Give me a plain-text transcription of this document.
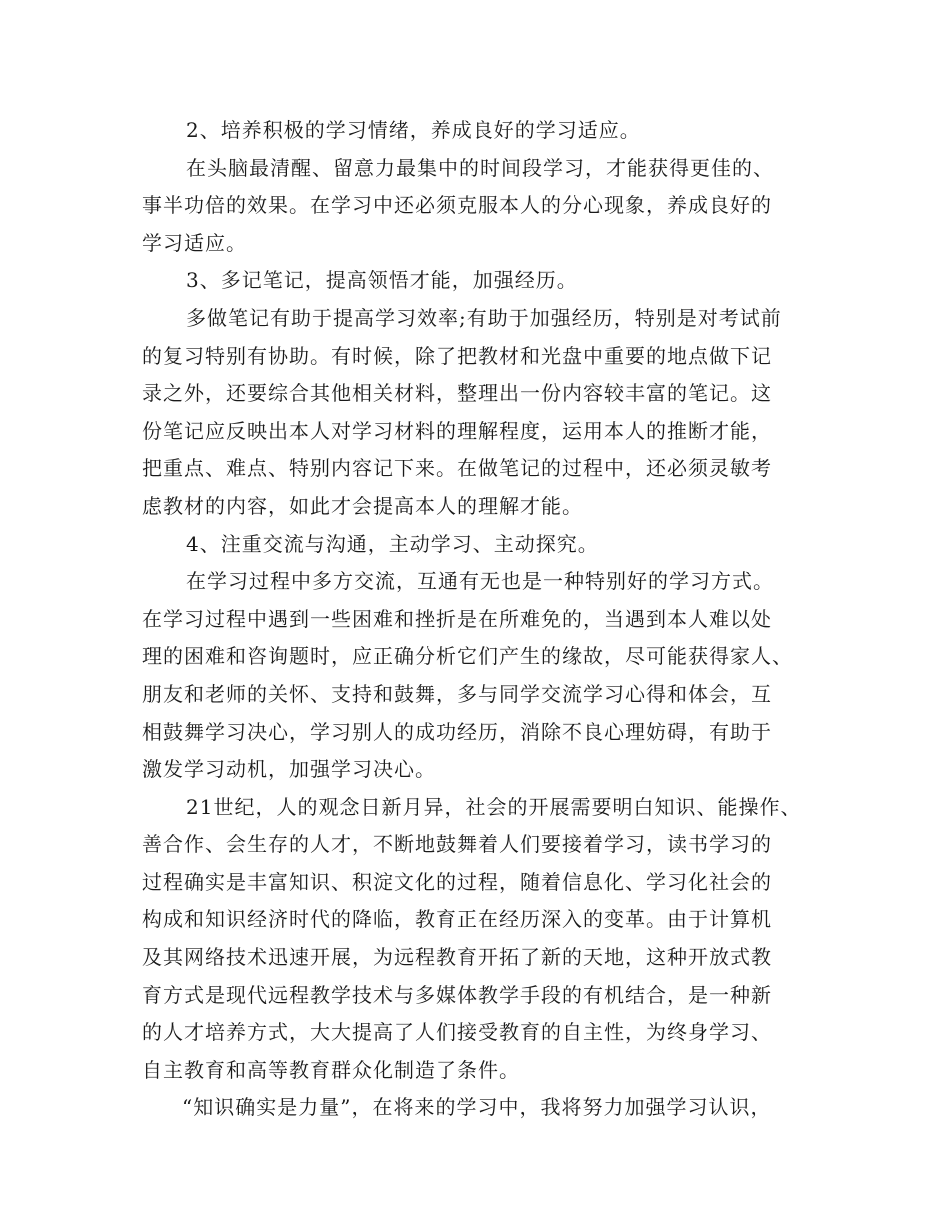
2、培养积极的学习情绪，养成良好的学习适应。
在头脑最清醒、留意力最集中的时间段学习，才能获得更佳的、
事半功倍的效果。在学习中还必须克服本人的分心现象，养成良好的
学习适应。
3、多记笔记，提高领悟才能，加强经历。
多做笔记有助于提高学习效率;有助于加强经历，特别是对考试前
的复习特别有协助。有时候，除了把教材和光盘中重要的地点做下记
录之外，还要综合其他相关材料，整理出一份内容较丰富的笔记。这
份笔记应反映出本人对学习材料的理解程度，运用本人的推断才能，
把重点、难点、特别内容记下来。在做笔记的过程中，还必须灵敏考
虑教材的内容，如此才会提高本人的理解才能。
4、注重交流与沟通，主动学习、主动探究。
在学习过程中多方交流，互通有无也是一种特别好的学习方式。
在学习过程中遇到一些困难和挫折是在所难免的，当遇到本人难以处
理的困难和咨询题时，应正确分析它们产生的缘故，尽可能获得家人、
朋友和老师的关怀、支持和鼓舞，多与同学交流学习心得和体会，互
相鼓舞学习决心，学习别人的成功经历，消除不良心理妨碍，有助于
激发学习动机，加强学习决心。
21世纪，人的观念日新月异，社会的开展需要明白知识、能操作、
善合作、会生存的人才，不断地鼓舞着人们要接着学习，读书学习的
过程确实是丰富知识、积淀文化的过程，随着信息化、学习化社会的
构成和知识经济时代的降临，教育正在经历深入的变革。由于计算机
及其网络技术迅速开展，为远程教育开拓了新的天地，这种开放式教
育方式是现代远程教学技术与多媒体教学手段的有机结合，是一种新
的人才培养方式，大大提高了人们接受教育的自主性，为终身学习、
自主教育和高等教育群众化制造了条件。
“知识确实是力量”，在将来的学习中，我将努力加强学习认识，
